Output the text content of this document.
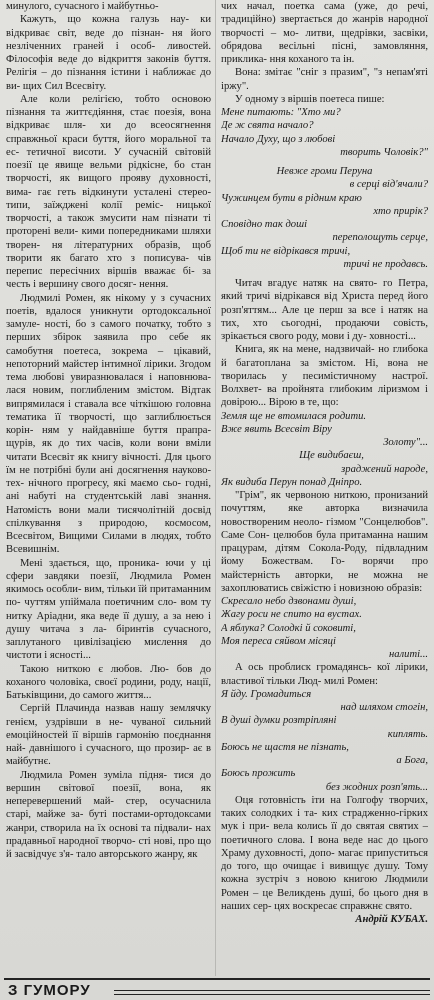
минулого, сучасного і майбутньо-

Кажуть, що кожна галузь нау- ки відкриває світ, веде до пізнан- ня його незліченних граней і особ- ливостей. Філософія веде до відкриття законів буття. Релігія – до пізнання істини і наближає до ви- щих Сил Всесвіту.

Але коли релігією, тобто основою пізнання та життєдіяння, стає поезія, вона відкриває шля- хи до всеосягнення справжньої краси буття, його моральної та ес- тетичної висоти. У сучасній світовій поезії це явище вельми рідкісне, бо стан творчості, як вищого прояву духовності, вима- гає геть відкинути усталені стерео- типи, заїжджені колії реміс- ницької творчості, а також змусити нам пізнати ті проторені вели- кими попередниками шляхи творен- ня літературних образів, щоб творити як багато хто з пописува- чів перепис пересічних віршів вважає бі- за честь і вершину свого досяг- нення.

Людмилі Ромен, як нікому у з сучасних поетів, вдалося уникнути ортодоксальної замуле- ності, бо з самого початку, тобто з перших збірок заявила про себе як самобутня поетеса, зокрема – цікавий, непоторний майстер інтимної лірики. Згодом тема любові увиразнювалася і наповнюва- лася новим, поглибленим змістом. Відтак випрямилася і ставала все чіткішою головна тематика її творчості, що заглиблюється корін- ням у найдавніше буття прапра- щурів, як до тих часів, коли вони вміли читати Всесвіт як книгу вічності. Для цього їм не потрібні були ані досягнення науково-тех- нічного прогресу, які маємо сьо- годні, ані набуті на студентській лаві знання. Натомість вони мали тисячолітній досвід спілкування з природою, космосом, Всесвітом, Вищими Силами в людях, тобто Всевишнім.

Мені здається, що, проника- ючи у ці сфери завдяки поезії, Людмила Ромен якимось особли- вим, тільки їй притаманним по- чуттям упіймала поетичним сло- вом ту нитку Аріадни, яка веде її душу, а за нею і душу читача з ла- біринтів сучасного, заплутаного цивілізацією мислення до чистоти і ясності...

Такою ниткою є любов. Лю- бов до коханого чоловіка, своєї родини, роду, нації, Батьківщини, до самого життя...

Сергій Плачинда назвав нашу землячку генієм, уздрівши в не- чуваної сильний емоційностей її віршів гармонію поєднання най- давнішого і сучасного, що прозир- ає в майбутнє.

Людмила Ромен зуміла підня- тися до вершин світової поезії, вона, як неперевершений май- стер, осучаснила старі, майже за- буті постами-ортодоксами жанри, створила на їх основі та підвали- нах прадавньої народної творчо- сті нові, про що й засвідчує з'я- тало авторського жанру, як

чих начал, поетка сама (уже, до речі, традиційно) звертається до жанрів народної творчості – мо- литви, щедрівки, засвіки, обрядова весільні пісні, замовляння, приклика- ння коханого та ін.

Вона: змітає "сніг з празим", "з непам'яті іржу".

У одному з віршів поетеса пише:

Мене питають: "Хто ми?
Де ж свята начало?
Начало Духу, що з любові
творить Чоловік?"
Невже громи Перуна
в серці від'ячали?
Чужинцем бути в рідним краю
хто прирік?
Сповідно так доші
переполощуть серце,
Щоб ти не відрікався тричі,
тричі не продавсь.

Читач вгадує натяк на свято- го Петра, який тричі відрікався від Христа перед його розп'яттям... Але це перш за все і натяк на тих, хто сьогодні, продаючи совість, зрікається свого роду, мови і ду- ховності...

Книга, як на мене, надзвичай- но глибока й багатоплана за змістом. Ні, вона не творилась у песимістичному настрої. Волхвет- ва пройнята глибоким ліризмом і довірою... Вірою в те, що:

Земля ще не втомилася родити.
Вже явить Всесвіт Віру
Золоту"...

Ще видибаєш,

зраджений народе,
Як видиба Перун понад Дніпро.

"Грім", як червоною ниткою, пронизаний почуттям, яке авторка визначила новоствореним неоло- гізмом "Сонцелюбов". Саме Сон- целюбов була притаманна нашим працурам, дітям Сокола-Роду, підвладним йому Божествам. Го- ворячи про майстерність авторки, не можна не захоплюватись свіжістю і новизною образів:

Скресало небо дзвонами душі,
Жагу роси не спито на вустах.
А яблука? Солодкі й соковиті,
Моя переса сяйвом місяці
налиті...

А ось проблиск громадянсь- кої лірики, властивої тільки Люд- милі Ромен:

Я йду. Громадиться
над шляхом стогін,
В душі думки розтріпляні
киплять.
Боюсь не щастя не пізнать,
а Бога,
Боюсь прожить
без жодних розп'ять...

Оця готовність іти на Голгофу творчих, таких солодких і та- ких страдженно-гірких мук і при- вела колись її до святая святих – поетичного слова. І вона веде нас до цього Храму духовності, допо- магає припуститься до того, що очищає і вивищує душу. Тому кожна зустріч з новою книгою Людмили Ромен – це Великдень душі, бо цього дня в наших сер- цях воскресає справжнє свято.

Андрій КУБАХ.

З ГУМОРУ
